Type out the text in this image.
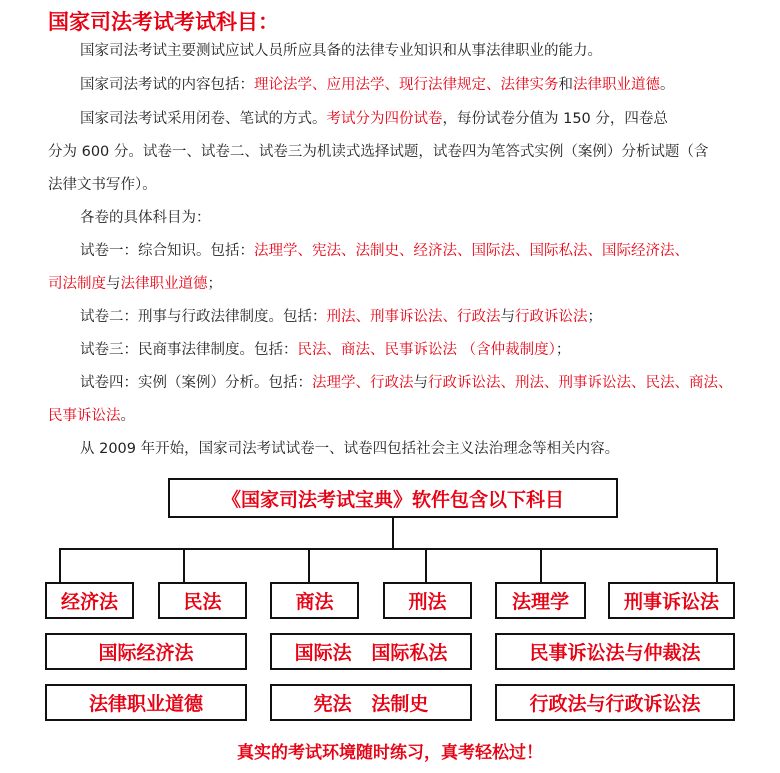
国家司法考试考试科目：
国家司法考试主要测试应试人员所应具备的法律专业知识和从事法律职业的能力。
国家司法考试的内容包括：理论法学、应用法学、现行法律规定、法律实务和法律职业道德。
国家司法考试采用闭卷、笔试的方式。考试分为四份试卷，每份试卷分值为 150 分，四卷总
分为 600 分。试卷一、试卷二、试卷三为机读式选择试题，试卷四为笔答式实例（案例）分析试题（含
法律文书写作）。
各卷的具体科目为：
试卷一：综合知识。包括：法理学、宪法、法制史、经济法、国际法、国际私法、国际经济法、
司法制度与法律职业道德；
试卷二：刑事与行政法律制度。包括：刑法、刑事诉讼法、行政法与行政诉讼法；
试卷三：民商事法律制度。包括：民法、商法、民事诉讼法 （含仲裁制度）；
试卷四：实例（案例）分析。包括：法理学、行政法与行政诉讼法、刑法、刑事诉讼法、民法、商法、
民事诉讼法。
从 2009 年开始，国家司法考试试卷一、试卷四包括社会主义法治理念等相关内容。
《国家司法考试宝典》软件包含以下科目
经济法	民法	商法	刑法	法理学	刑事诉讼法
国际经济法	国际法   国际私法	民事诉讼法与仲裁法
法律职业道德	宪法   法制史	行政法与行政诉讼法
真实的考试环境随时练习，真考轻松过！
